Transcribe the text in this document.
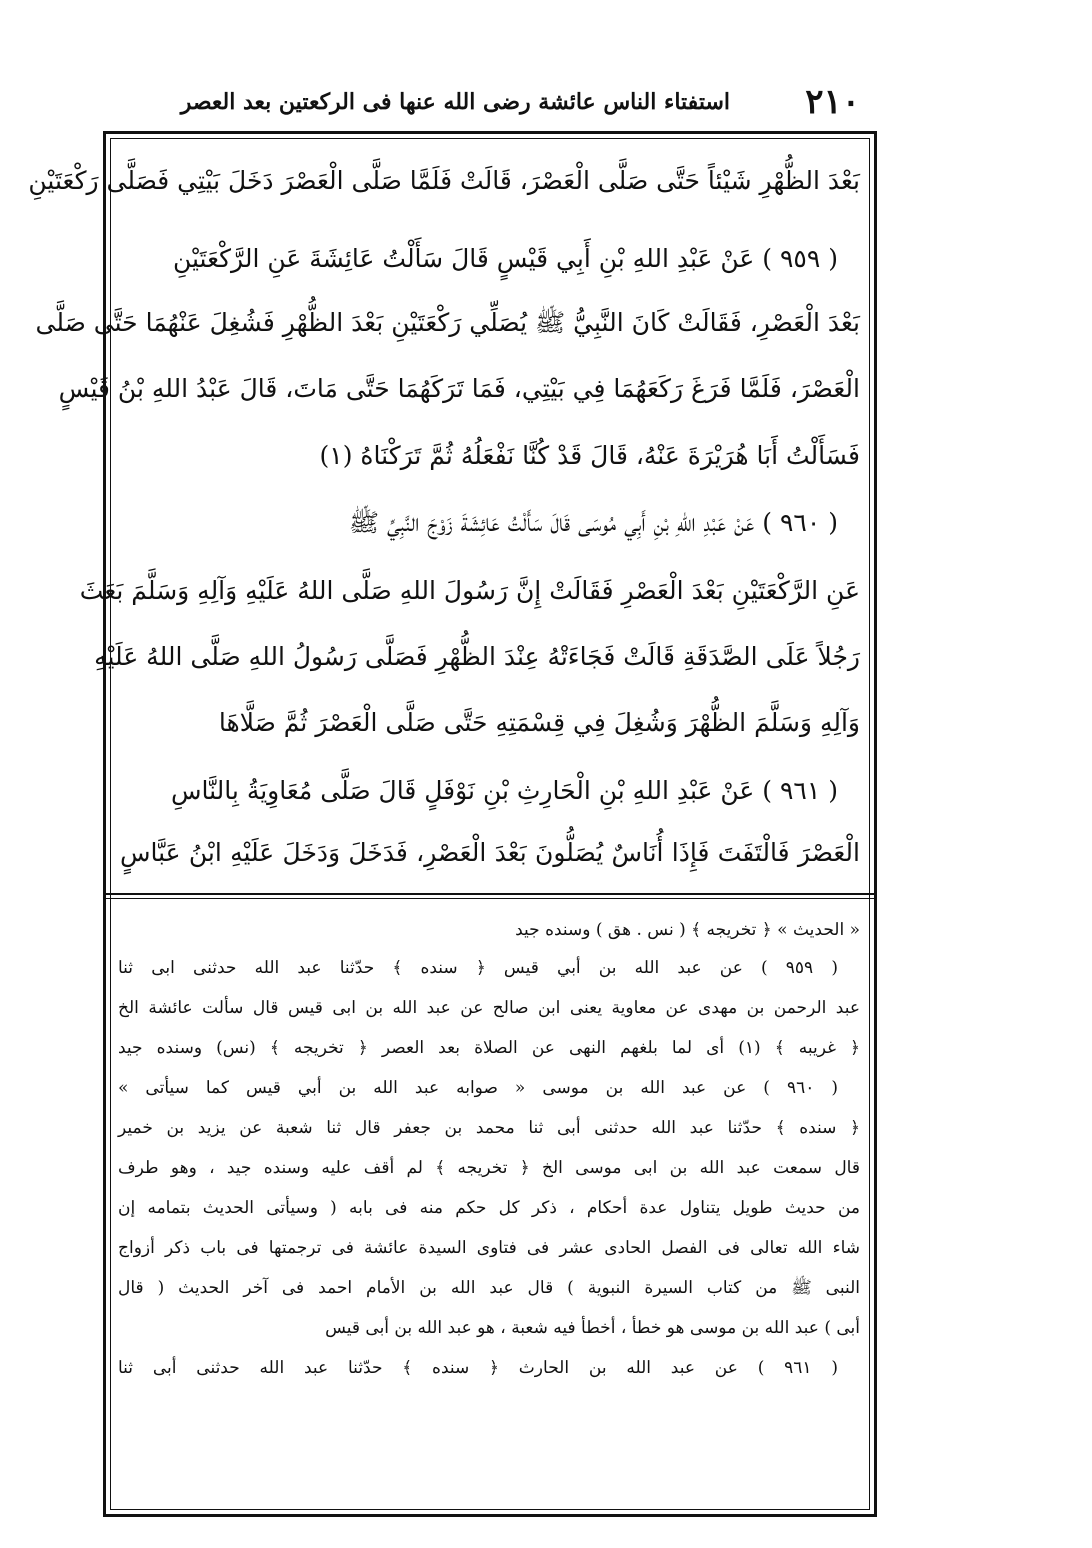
٢١٠
استفتاء الناس عائشة رضى الله عنها فى الركعتين بعد العصر
بَعْدَ الظُّهْرِ شَيْئاً حَتَّى صَلَّى الْعَصْرَ، قَالَتْ فَلَمَّا صَلَّى الْعَصْرَ دَخَلَ بَيْتِي فَصَلَّى رَكْعَتَيْنِ
( ٩٥٩ ) عَنْ عَبْدِ اللهِ بْنِ أَبِي قَيْسٍ قَالَ سَأَلْتُ عَائِشَةَ عَنِ الرَّكْعَتَيْنِ
بَعْدَ الْعَصْرِ، فَقَالَتْ كَانَ النَّبِيُّ ﷺ يُصَلِّي رَكْعَتَيْنِ بَعْدَ الظُّهْرِ فَشُغِلَ عَنْهُمَا حَتَّى صَلَّى
الْعَصْرَ، فَلَمَّا فَرَغَ رَكَعَهُمَا فِي بَيْتِي، فَمَا تَرَكَهُمَا حَتَّى مَاتَ، قَالَ عَبْدُ اللهِ بْنُ قَيْسٍ
فَسَأَلْتُ أَبَا هُرَيْرَةَ عَنْهُ، قَالَ قَدْ كُنَّا نَفْعَلُهُ ثُمَّ تَرَكْنَاهُ (١)
( ٩٦٠ ) عَنْ عَبْدِ اللهِ بْنِ أَبِي مُوسَى قَالَ سَأَلْتُ عَائِشَةَ زَوْجَ النَّبِيِّ ﷺ
عَنِ الرَّكْعَتَيْنِ بَعْدَ الْعَصْرِ فَقَالَتْ إِنَّ رَسُولَ اللهِ صَلَّى اللهُ عَلَيْهِ وَآلِهِ وَسَلَّمَ بَعَثَ
رَجُلاً عَلَى الصَّدَقَةِ قَالَتْ فَجَاءَتْهُ عِنْدَ الظُّهْرِ فَصَلَّى رَسُولُ اللهِ صَلَّى اللهُ عَلَيْهِ
وَآلِهِ وَسَلَّمَ الظُّهْرَ وَشُغِلَ فِي قِسْمَتِهِ حَتَّى صَلَّى الْعَصْرَ ثُمَّ صَلَّاهَا
( ٩٦١ ) عَنْ عَبْدِ اللهِ بْنِ الْحَارِثِ بْنِ نَوْفَلٍ قَالَ صَلَّى مُعَاوِيَةُ بِالنَّاسِ
الْعَصْرَ فَالْتَفَتَ فَإِذَا أُنَاسٌ يُصَلُّونَ بَعْدَ الْعَصْرِ، فَدَخَلَ وَدَخَلَ عَلَيْهِ ابْنُ عَبَّاسٍ
« الحديث » ﴿ تخريجه ﴾ ( نس . هق ) وسنده جيد
( ٩٥٩ ) عن عبد الله بن أبي قيس ﴿ سنده ﴾ حدّثنا عبد الله حدثنى ابى ثنا
عبد الرحمن بن مهدى عن معاوية يعنى ابن صالح عن عبد الله بن ابى قيس قال سألت عائشة الخ
﴿ غريبه ﴾ (١) أى لما بلغهم النهى عن الصلاة بعد العصر ﴿ تخريجه ﴾ (نس) وسنده جيد
( ٩٦٠ ) عن عبد الله بن موسى « صوابه عبد الله بن أبي قيس كما سيأتى »
﴿ سنده ﴾ حدّثنا عبد الله حدثنى أبى ثنا محمد بن جعفر قال ثنا شعبة عن يزيد بن خمير
قال سمعت عبد الله بن ابى موسى الخ ﴿ تخريجه ﴾ لم أقف عليه وسنده جيد ، وهو طرف
من حديث طويل يتناول عدة أحكام ، ذكر كل حكم منه فى بابه ( وسيأتى الحديث بتمامه إن
شاء الله تعالى فى الفصل الحادى عشر فى فتاوى السيدة عائشة فى ترجمتها فى باب ذكر أزواج
النبى ﷺ من كتاب السيرة النبوية ) قال عبد الله بن الأمام احمد فى آخر الحديث ( قال
أبى ) عبد الله بن موسى هو خطأ ، أخطأ فيه شعبة ، هو عبد الله بن أبى قيس
( ٩٦١ ) عن عبد الله بن الحارث ﴿ سنده ﴾ حدّثنا عبد الله حدثنى أبى ثنا
